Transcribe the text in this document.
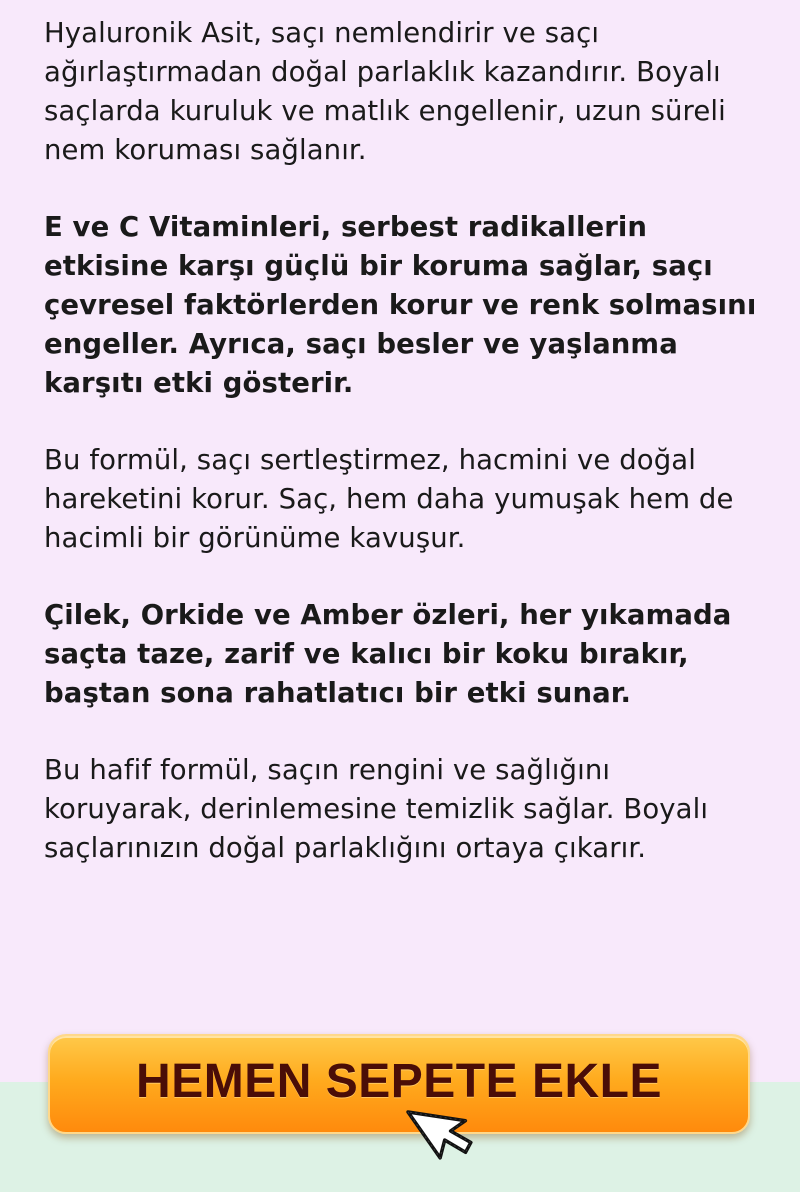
Hyaluronik Asit, saçı nemlendirir ve saçı ağırlaştırmadan doğal parlaklık kazandırır. Boyalı saçlarda kuruluk ve matlık engellenir, uzun süreli nem koruması sağlanır.

E ve C Vitaminleri, serbest radikallerin etkisine karşı güçlü bir koruma sağlar, saçı çevresel faktörlerden korur ve renk solmasını engeller. Ayrıca, saçı besler ve yaşlanma karşıtı etki gösterir.

Bu formül, saçı sertleştirmez, hacmini ve doğal hareketini korur. Saç, hem daha yumuşak hem de hacimli bir görünüme kavuşur.

Çilek, Orkide ve Amber özleri, her yıkamada saçta taze, zarif ve kalıcı bir koku bırakır, baştan sona rahatlatıcı bir etki sunar.

Bu hafif formül, saçın rengini ve sağlığını koruyarak, derinlemesine temizlik sağlar. Boyalı saçlarınızın doğal parlaklığını ortaya çıkarır.

HEMEN SEPETE EKLE
